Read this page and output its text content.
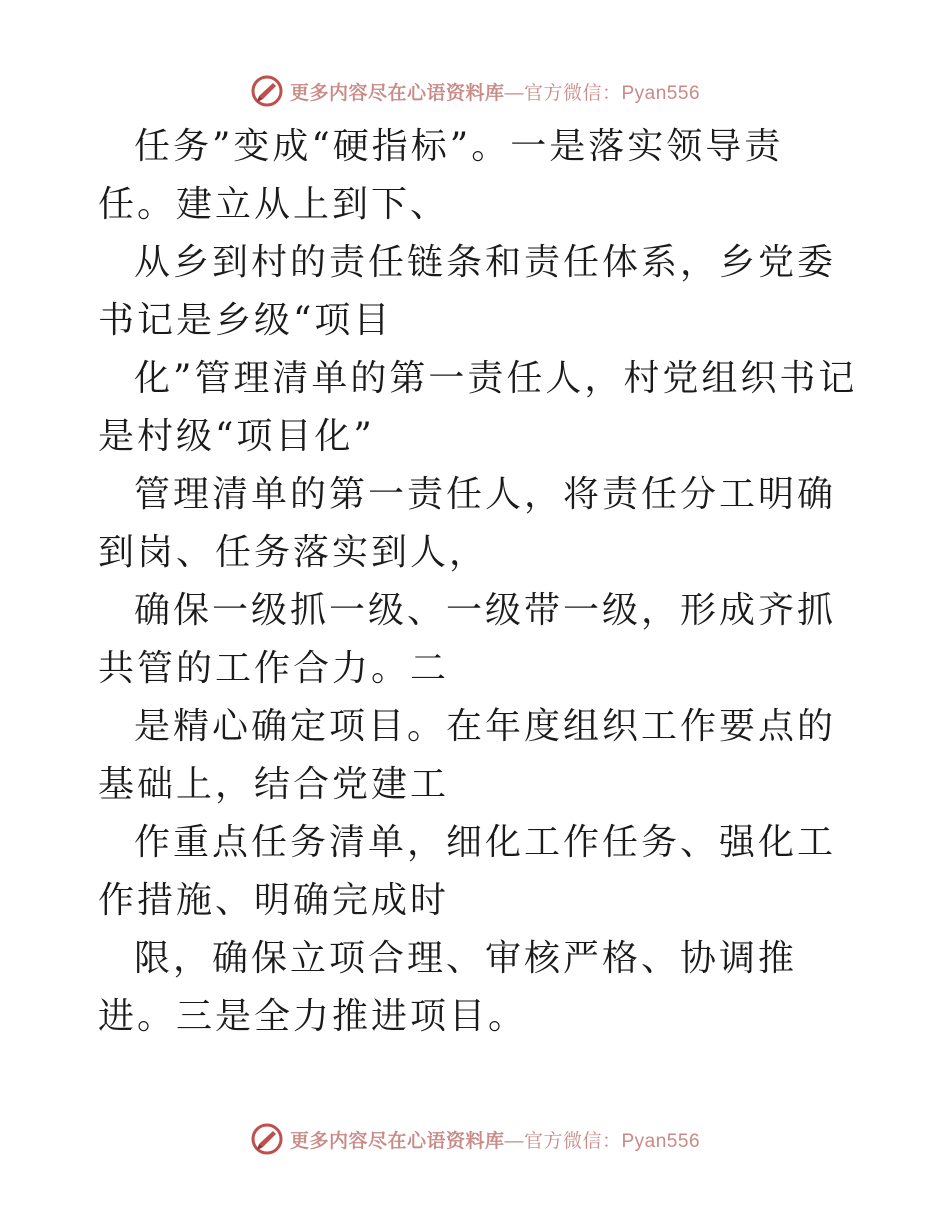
更多内容尽在心语资料库 —官方微信：Pyan556

任务”变成“硬指标”。一是落实领导责任。建立从上到下、

从乡到村的责任链条和责任体系，乡党委书记是乡级“项目

化”管理清单的第一责任人，村党组织书记是村级“项目化”

管理清单的第一责任人，将责任分工明确到岗、任务落实到人，

确保一级抓一级、一级带一级，形成齐抓共管的工作合力。二

是精心确定项目。在年度组织工作要点的基础上，结合党建工

作重点任务清单，细化工作任务、强化工作措施、明确完成时

限，确保立项合理、审核严格、协调推进。三是全力推进项目。

更多内容尽在心语资料库 —官方微信：Pyan556
